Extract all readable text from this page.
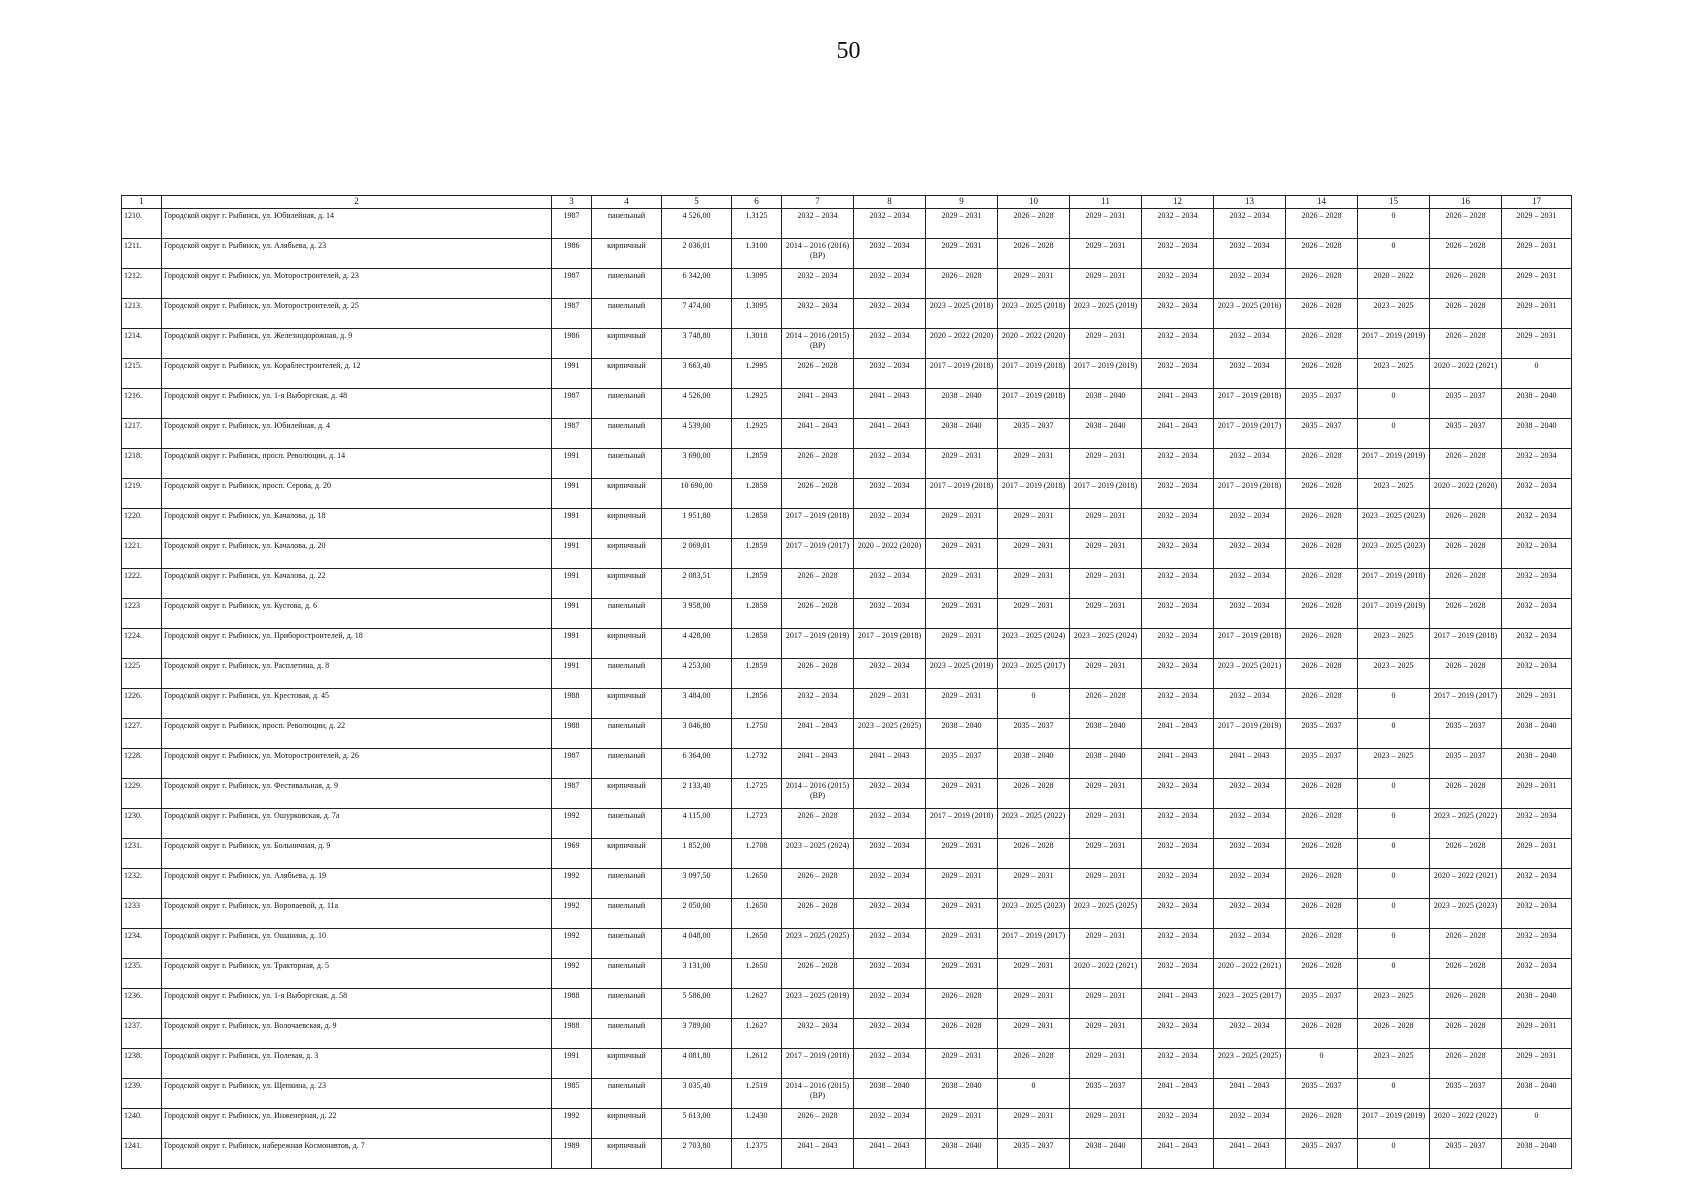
50
1	2	3	4	5	6	7	8	9	10	11	12	13	14	15	16	17
1210.	Городской округ г. Рыбинск, ул. Юбилейная, д. 14	1987	панельный	4 526,00	1.3125	2032 – 2034	2032 – 2034	2029 – 2031	2026 – 2028	2029 – 2031	2032 – 2034	2032 – 2034	2026 – 2028	0	2026 – 2028	2029 – 2031
1211.	Городской округ г. Рыбинск, ул. Алябьева, д. 23	1986	кирпичный	2 036,01	1.3100	2014 – 2016 (2016) (ВР)	2032 – 2034	2029 – 2031	2026 – 2028	2029 – 2031	2032 – 2034	2032 – 2034	2026 – 2028	0	2026 – 2028	2029 – 2031
1212.	Городской округ г. Рыбинск, ул. Моторостроителей, д. 23	1987	панельный	6 342,00	1.3095	2032 – 2034	2032 – 2034	2026 – 2028	2029 – 2031	2029 – 2031	2032 – 2034	2032 – 2034	2026 – 2028	2020 – 2022	2026 – 2028	2029 – 2031
1213.	Городской округ г. Рыбинск, ул. Моторостроителей, д. 25	1987	панельный	7 474,00	1.3095	2032 – 2034	2032 – 2034	2023 – 2025 (2018)	2023 – 2025 (2018)	2023 – 2025 (2019)	2032 – 2034	2023 – 2025 (2016)	2026 – 2028	2023 – 2025	2026 – 2028	2029 – 2031
1214.	Городской округ г. Рыбинск, ул. Железнодорожная, д. 9	1986	кирпичный	3 748,80	1.3018	2014 – 2016 (2015) (ВР)	2032 – 2034	2020 – 2022 (2020)	2020 – 2022 (2020)	2029 – 2031	2032 – 2034	2032 – 2034	2026 – 2028	2017 – 2019 (2019)	2026 – 2028	2029 – 2031
1215.	Городской округ г. Рыбинск, ул. Кораблестроителей, д. 12	1991	кирпичный	3 663,40	1.2995	2026 – 2028	2032 – 2034	2017 – 2019 (2018)	2017 – 2019 (2018)	2017 – 2019 (2019)	2032 – 2034	2032 – 2034	2026 – 2028	2023 – 2025	2020 – 2022 (2021)	0
1216.	Городской округ г. Рыбинск, ул. 1-я Выборгская, д. 48	1987	панельный	4 526,00	1.2925	2041 – 2043	2041 – 2043	2038 – 2040	2017 – 2019 (2018)	2038 – 2040	2041 – 2043	2017 – 2019 (2018)	2035 – 2037	0	2035 – 2037	2038 – 2040
1217.	Городской округ г. Рыбинск, ул. Юбилейная, д. 4	1987	панельный	4 539,00	1.2925	2041 – 2043	2041 – 2043	2038 – 2040	2035 – 2037	2038 – 2040	2041 – 2043	2017 – 2019 (2017)	2035 – 2037	0	2035 – 2037	2038 – 2040
1218.	Городской округ г. Рыбинск, просп. Революции, д. 14	1991	панельный	3 690,00	1.2859	2026 – 2028	2032 – 2034	2029 – 2031	2029 – 2031	2029 – 2031	2032 – 2034	2032 – 2034	2026 – 2028	2017 – 2019 (2019)	2026 – 2028	2032 – 2034
1219.	Городской округ г. Рыбинск, просп. Серова, д. 20	1991	кирпичный	10 690,00	1.2859	2026 – 2028	2032 – 2034	2017 – 2019 (2018)	2017 – 2019 (2018)	2017 – 2019 (2018)	2032 – 2034	2017 – 2019 (2018)	2026 – 2028	2023 – 2025	2020 – 2022 (2020)	2032 – 2034
1220.	Городской округ г. Рыбинск, ул. Качалова, д. 18	1991	кирпичный	1 951,80	1.2859	2017 – 2019 (2018)	2032 – 2034	2029 – 2031	2029 – 2031	2029 – 2031	2032 – 2034	2032 – 2034	2026 – 2028	2023 – 2025 (2023)	2026 – 2028	2032 – 2034
1221.	Городской округ г. Рыбинск, ул. Качалова, д. 20	1991	кирпичный	2 069,01	1.2859	2017 – 2019 (2017)	2020 – 2022 (2020)	2029 – 2031	2029 – 2031	2029 – 2031	2032 – 2034	2032 – 2034	2026 – 2028	2023 – 2025 (2023)	2026 – 2028	2032 – 2034
1222.	Городской округ г. Рыбинск, ул. Качалова, д. 22	1991	кирпичный	2 083,51	1.2859	2026 – 2028	2032 – 2034	2029 – 2031	2029 – 2031	2029 – 2031	2032 – 2034	2032 – 2034	2026 – 2028	2017 – 2019 (2018)	2026 – 2028	2032 – 2034
1223	Городской округ г. Рыбинск, ул. Кустова, д. 6	1991	панельный	3 958,00	1.2859	2026 – 2028	2032 – 2034	2029 – 2031	2029 – 2031	2029 – 2031	2032 – 2034	2032 – 2034	2026 – 2028	2017 – 2019 (2019)	2026 – 2028	2032 – 2034
1224.	Городской округ г. Рыбинск, ул. Приборостроителей, д. 18	1991	кирпичный	4 428,00	1.2859	2017 – 2019 (2019)	2017 – 2019 (2018)	2029 – 2031	2023 – 2025 (2024)	2023 – 2025 (2024)	2032 – 2034	2017 – 2019 (2018)	2026 – 2028	2023 – 2025	2017 – 2019 (2018)	2032 – 2034
1225	Городской округ г. Рыбинск, ул. Расплетина, д. 8	1991	панельный	4 253,00	1.2859	2026 – 2028	2032 – 2034	2023 – 2025 (2019)	2023 – 2025 (2017)	2029 – 2031	2032 – 2034	2023 – 2025 (2021)	2026 – 2028	2023 – 2025	2026 – 2028	2032 – 2034
1226.	Городской округ г. Рыбинск, ул. Крестовая, д. 45	1988	кирпичный	3 484,00	1.2856	2032 – 2034	2029 – 2031	2029 – 2031	0	2026 – 2028	2032 – 2034	2032 – 2034	2026 – 2028	0	2017 – 2019 (2017)	2029 – 2031
1227.	Городской округ г. Рыбинск, просп. Революции, д. 22	1988	панельный	3 046,80	1.2750	2041 – 2043	2023 – 2025 (2025)	2038 – 2040	2035 – 2037	2038 – 2040	2041 – 2043	2017 – 2019 (2019)	2035 – 2037	0	2035 – 2037	2038 – 2040
1228.	Городской округ г. Рыбинск, ул. Моторостроителей, д. 26	1987	панельный	6 364,00	1.2732	2041 – 2043	2041 – 2043	2035 – 2037	2038 – 2040	2038 – 2040	2041 – 2043	2041 – 2043	2035 – 2037	2023 – 2025	2035 – 2037	2038 – 2040
1229.	Городской округ г. Рыбинск, ул. Фестивальная, д. 9	1987	кирпичный	2 133,40	1.2725	2014 – 2016 (2015) (ВР)	2032 – 2034	2029 – 2031	2026 – 2028	2029 – 2031	2032 – 2034	2032 – 2034	2026 – 2028	0	2026 – 2028	2029 – 2031
1230.	Городской округ г. Рыбинск, ул. Ошурковская, д. 7а	1992	панельный	4 115,00	1.2723	2026 – 2028	2032 – 2034	2017 – 2019 (2018)	2023 – 2025 (2022)	2029 – 2031	2032 – 2034	2032 – 2034	2026 – 2028	0	2023 – 2025 (2022)	2032 – 2034
1231.	Городской округ г. Рыбинск, ул. Больничная, д. 9	1969	кирпичный	1 852,00	1.2708	2023 – 2025 (2024)	2032 – 2034	2029 – 2031	2026 – 2028	2029 – 2031	2032 – 2034	2032 – 2034	2026 – 2028	0	2026 – 2028	2029 – 2031
1232.	Городской округ г. Рыбинск, ул. Алябьева, д. 19	1992	панельный	3 097,50	1.2650	2026 – 2028	2032 – 2034	2029 – 2031	2029 – 2031	2029 – 2031	2032 – 2034	2032 – 2034	2026 – 2028	0	2020 – 2022 (2021)	2032 – 2034
1233	Городской округ г. Рыбинск, ул. Воропаевой, д. 11а	1992	панельный	2 050,00	1.2650	2026 – 2028	2032 – 2034	2029 – 2031	2023 – 2025 (2023)	2023 – 2025 (2025)	2032 – 2034	2032 – 2034	2026 – 2028	0	2023 – 2025 (2023)	2032 – 2034
1234.	Городской округ г. Рыбинск, ул. Ошанина, д. 10	1992	панельный	4 048,00	1.2650	2023 – 2025 (2025)	2032 – 2034	2029 – 2031	2017 – 2019 (2017)	2029 – 2031	2032 – 2034	2032 – 2034	2026 – 2028	0	2026 – 2028	2032 – 2034
1235.	Городской округ г. Рыбинск, ул. Тракторная, д. 5	1992	панельный	3 131,00	1.2650	2026 – 2028	2032 – 2034	2029 – 2031	2029 – 2031	2020 – 2022 (2021)	2032 – 2034	2020 – 2022 (2021)	2026 – 2028	0	2026 – 2028	2032 – 2034
1236.	Городской округ г. Рыбинск, ул. 1-я Выборгская, д. 58	1988	панельный	5 586,00	1.2627	2023 – 2025 (2019)	2032 – 2034	2026 – 2028	2029 – 2031	2029 – 2031	2041 – 2043	2023 – 2025 (2017)	2035 – 2037	2023 – 2025	2026 – 2028	2038 – 2040
1237.	Городской округ г. Рыбинск, ул. Волочаевская, д. 9	1988	панельный	3 789,00	1.2627	2032 – 2034	2032 – 2034	2026 – 2028	2029 – 2031	2029 – 2031	2032 – 2034	2032 – 2034	2026 – 2028	2026 – 2028	2026 – 2028	2029 – 2031
1238.	Городской округ г. Рыбинск, ул. Полевая, д. 3	1991	кирпичный	4 081,80	1.2612	2017 – 2019 (2018)	2032 – 2034	2029 – 2031	2026 – 2028	2029 – 2031	2032 – 2034	2023 – 2025 (2025)	0	2023 – 2025	2026 – 2028	2029 – 2031
1239.	Городской округ г. Рыбинск, ул. Щепкина, д. 23	1985	панельный	3 035,40	1.2519	2014 – 2016 (2015) (ВР)	2038 – 2040	2038 – 2040	0	2035 – 2037	2041 – 2043	2041 – 2043	2035 – 2037	0	2035 – 2037	2038 – 2040
1240.	Городской округ г. Рыбинск, ул. Инженерная, д. 22	1992	кирпичный	5 613,00	1.2430	2026 – 2028	2032 – 2034	2029 – 2031	2029 – 2031	2029 – 2031	2032 – 2034	2032 – 2034	2026 – 2028	2017 – 2019 (2019)	2020 – 2022 (2022)	0
1241.	Городской округ г. Рыбинск, набережная Космонавтов, д. 7	1989	кирпичный	2 703,80	1.2375	2041 – 2043	2041 – 2043	2038 – 2040	2035 – 2037	2038 – 2040	2041 – 2043	2041 – 2043	2035 – 2037	0	2035 – 2037	2038 – 2040
